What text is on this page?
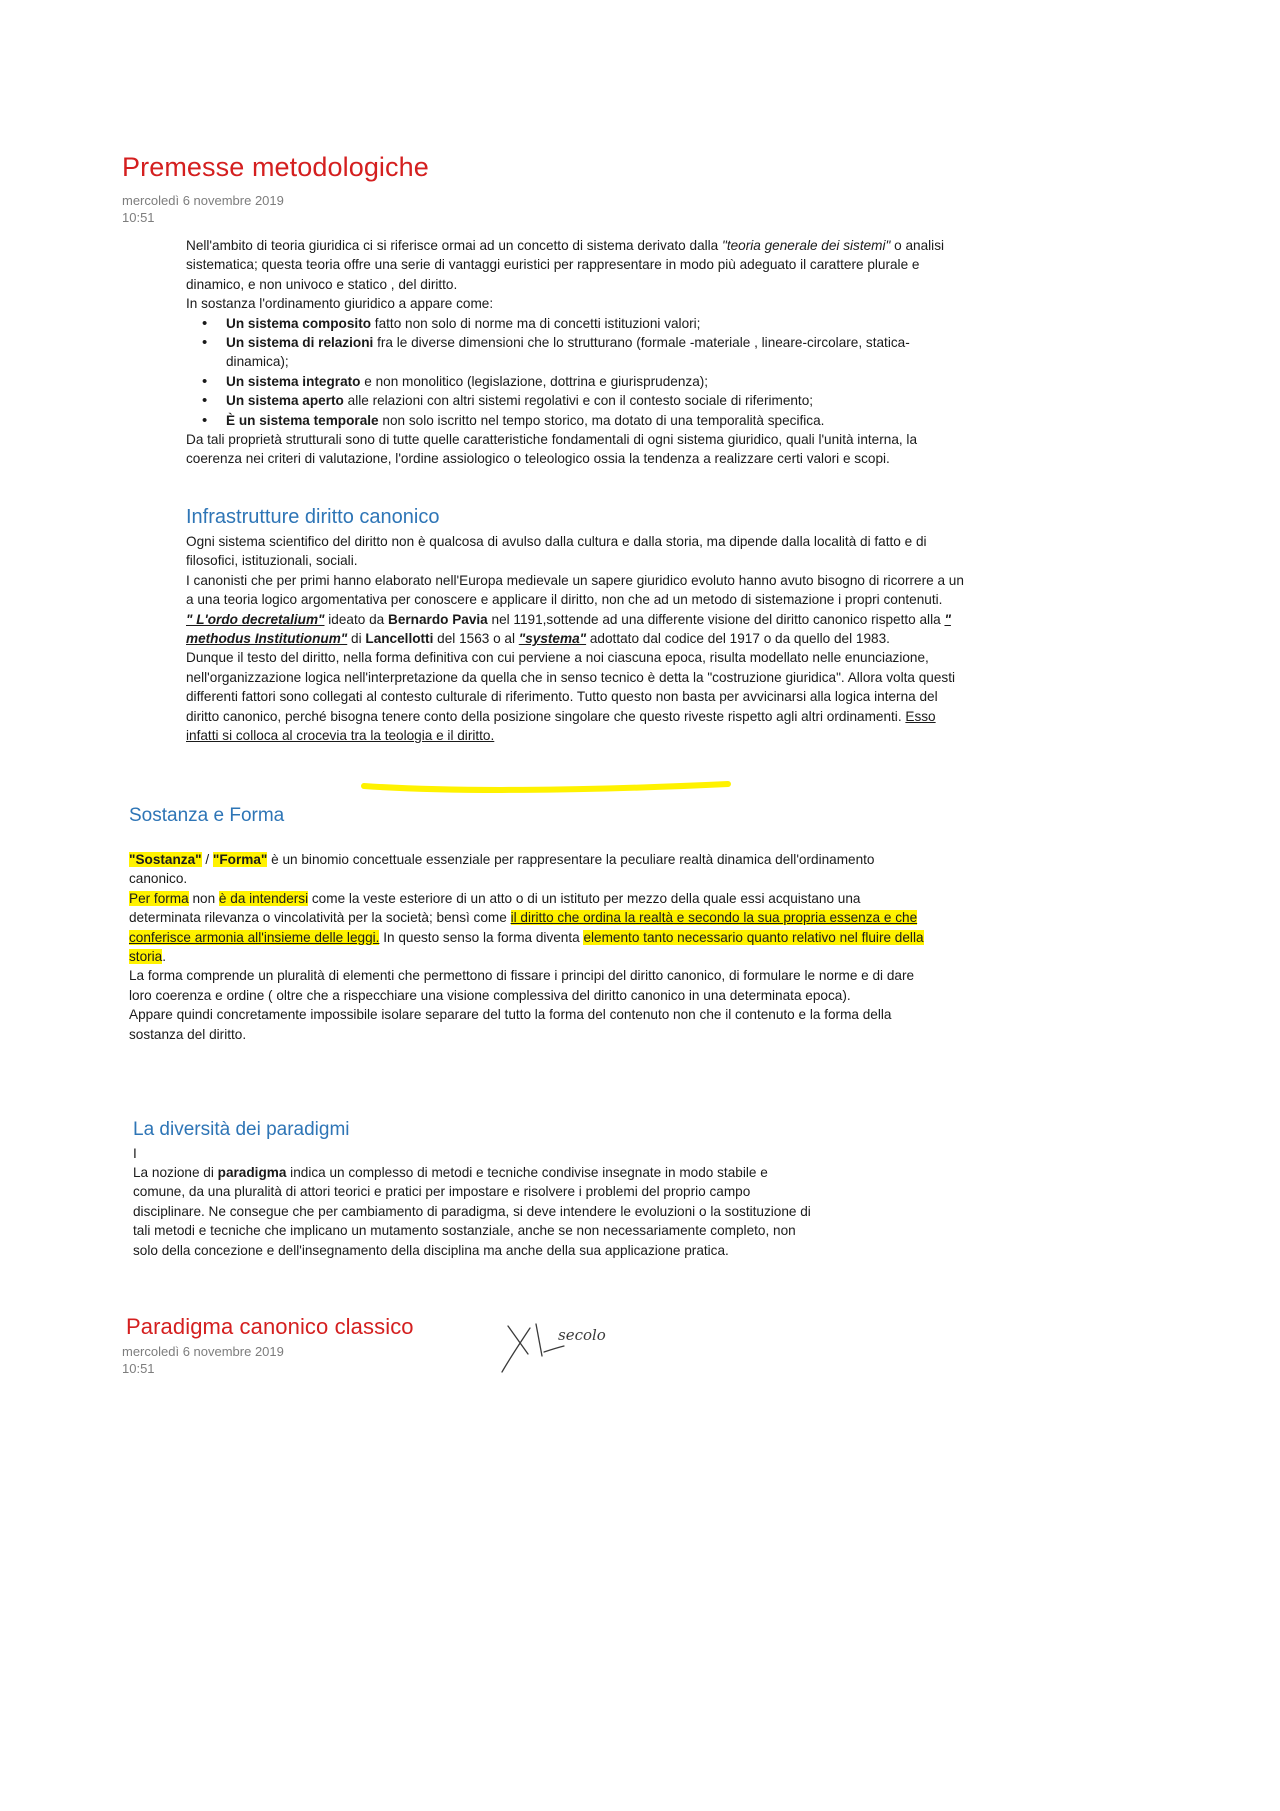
Premesse metodologiche
mercoledì 6 novembre 2019
10:51

Nell'ambito di teoria giuridica ci si riferisce ormai ad un concetto di sistema derivato dalla "teoria generale dei sistemi" o analisi sistematica; questa teoria offre una serie di vantaggi euristici per rappresentare in modo più adeguato il carattere plurale e dinamico, e non univoco e statico , del diritto.

In sostanza l'ordinamento giuridico a appare come:

• Un sistema composito fatto non solo di norme ma di concetti istituzioni valori;
• Un sistema di relazioni fra le diverse dimensioni che lo strutturano (formale -materiale , lineare-circolare, statica-dinamica);
• Un sistema integrato e non monolitico (legislazione, dottrina e giurisprudenza);
• Un sistema aperto alle relazioni con altri sistemi regolativi e con il contesto sociale di riferimento;
• È un sistema temporale non solo iscritto nel tempo storico, ma dotato di una temporalità specifica.

Da tali proprietà strutturali sono di tutte quelle caratteristiche fondamentali di ogni sistema giuridico, quali l'unità interna, la coerenza nei criteri di valutazione, l'ordine assiologico o teleologico ossia la tendenza a realizzare certi valori e scopi.

Infrastrutture diritto canonico

Ogni sistema scientifico del diritto non è qualcosa di avulso dalla cultura e dalla storia, ma dipende dalla località di fatto e di filosofici, istituzionali, sociali.

I canonisti che per primi hanno elaborato nell'Europa medievale un sapere giuridico evoluto hanno avuto bisogno di ricorrere a un a una teoria logico argomentativa per conoscere e applicare il diritto, non che ad un metodo di sistemazione i propri contenuti.

" L'ordo decretalium" ideato da Bernardo Pavia nel 1191,sottende ad una differente visione del diritto canonico rispetto alla " methodus Institutionum" di Lancellotti del 1563 o al "systema" adottato dal codice del 1917 o da quello del 1983.

Dunque il testo del diritto, nella forma definitiva con cui perviene a noi ciascuna epoca, risulta modellato nelle enunciazione, nell'organizzazione logica nell'interpretazione da quella che in senso tecnico è detta la "costruzione giuridica". Allora volta questi differenti fattori sono collegati al contesto culturale di riferimento. Tutto questo non basta per avvicinarsi alla logica interna del diritto canonico, perché bisogna tenere conto della posizione singolare che questo riveste rispetto agli altri ordinamenti. Esso infatti si colloca al crocevia tra la teologia e il diritto.

Sostanza e Forma

"Sostanza" / "Forma" è un binomio concettuale essenziale per rappresentare la peculiare realtà dinamica dell'ordinamento canonico.

Per forma non è da intendersi come la veste esteriore di un atto o di un istituto per mezzo della quale essi acquistano una determinata rilevanza o vincolatività per la società; bensì come il diritto che ordina la realtà e secondo la sua propria essenza e che conferisce armonia all'insieme delle leggi. In questo senso la forma diventa elemento tanto necessario quanto relativo nel fluire della storia.

La forma comprende un pluralità di elementi che permettono di fissare i principi del diritto canonico, di formulare le norme e di dare loro coerenza e ordine ( oltre che a rispecchiare una visione complessiva del diritto canonico in una determinata epoca).

Appare quindi concretamente impossibile isolare separare del tutto la forma del contenuto non che il contenuto e la forma della sostanza del diritto.

La diversità dei paradigmi
I

La nozione di paradigma indica un complesso di metodi e tecniche condivise insegnate in modo stabile e comune, da una pluralità di attori teorici e pratici per impostare e risolvere i problemi del proprio campo disciplinare. Ne consegue che per cambiamento di paradigma, si deve intendere le evoluzioni o la sostituzione di tali metodi e tecniche che implicano un mutamento sostanziale, anche se non necessariamente completo, non solo della concezione e dell'insegnamento della disciplina ma anche della sua applicazione pratica.

Paradigma canonico classico
mercoledì 6 novembre 2019
10:51
secolo
